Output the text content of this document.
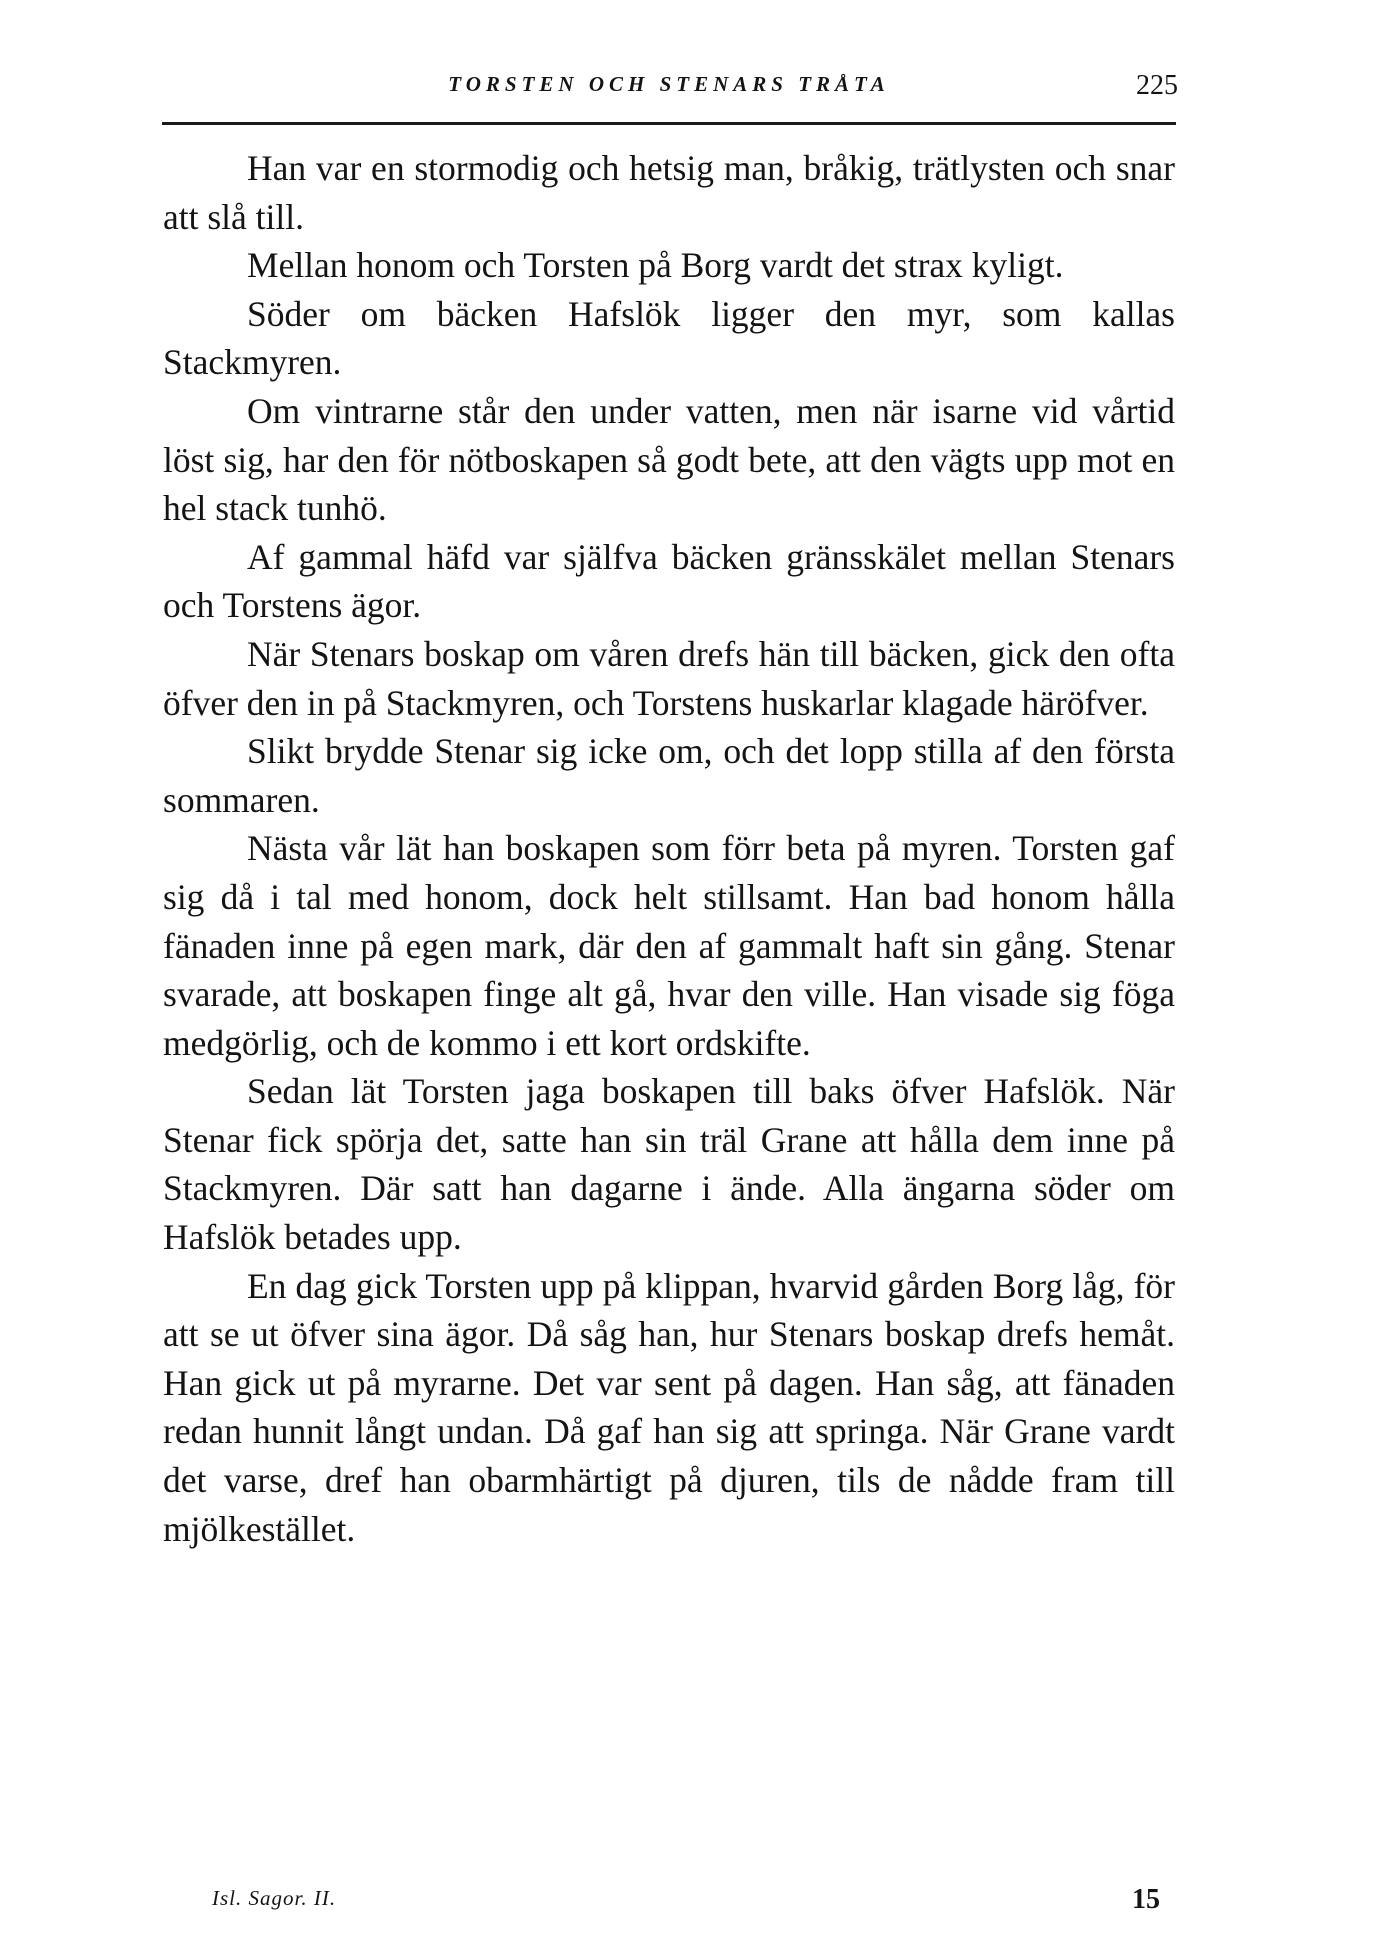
TORSTEN OCH STENARS TRÅTA	225

Han var en stormodig och hetsig man, bråkig, trätlysten och snar att slå till.

Mellan honom och Torsten på Borg vardt det strax kyligt.

Söder om bäcken Hafslök ligger den myr, som kallas Stackmyren.

Om vintrarne står den under vatten, men när isarne vid vårtid löst sig, har den för nötboskapen så godt bete, att den vägts upp mot en hel stack tunhö.

Af gammal häfd var själfva bäcken gränsskälet mellan Stenars och Torstens ägor.

När Stenars boskap om våren drefs hän till bäcken, gick den ofta öfver den in på Stackmyren, och Torstens huskarlar klagade häröfver.

Slikt brydde Stenar sig icke om, och det lopp stilla af den första sommaren.

Nästa vår lät han boskapen som förr beta på myren. Torsten gaf sig då i tal med honom, dock helt stillsamt. Han bad honom hålla fänaden inne på egen mark, där den af gammalt haft sin gång. Stenar svarade, att boskapen finge alt gå, hvar den ville. Han visade sig föga medgörlig, och de kommo i ett kort ordskifte.

Sedan lät Torsten jaga boskapen till baks öfver Hafslök. När Stenar fick spörja det, satte han sin träl Grane att hålla dem inne på Stackmyren. Där satt han dagarne i ände. Alla ängarna söder om Hafslök betades upp.

En dag gick Torsten upp på klippan, hvarvid gården Borg låg, för att se ut öfver sina ägor. Då såg han, hur Stenars boskap drefs hemåt. Han gick ut på myrarne. Det var sent på dagen. Han såg, att fänaden redan hunnit långt undan. Då gaf han sig att springa. När Grane vardt det varse, dref han obarmhärtigt på djuren, tils de nådde fram till mjölkestället.

Isl. Sagor. II.	15
